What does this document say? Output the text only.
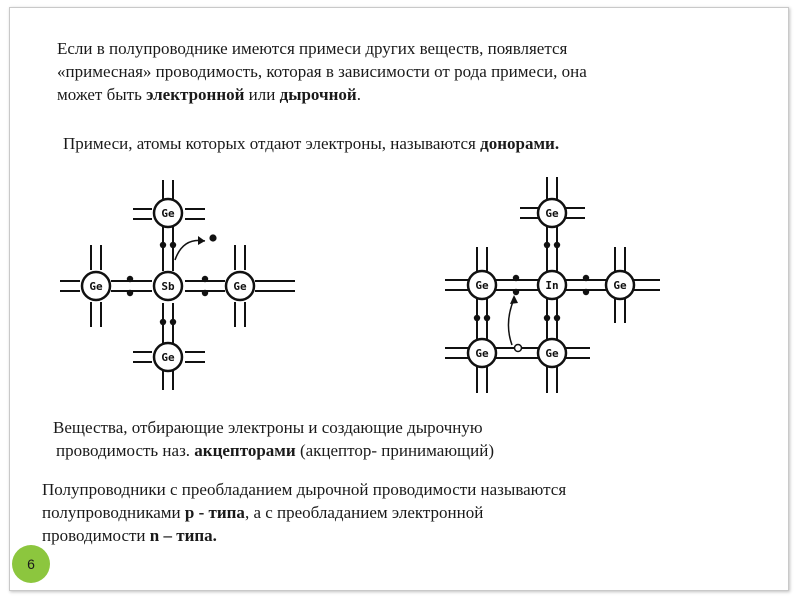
Если в полупроводнике имеются примеси других веществ, появляется
«примесная» проводимость, которая в зависимости от рода примеси, она
может быть электронной или дырочной.
Примеси, атомы которых отдают электроны, называются донорами.
Ge
Sb
Ge
Ge	Ge
Ge
In
Ge	Ge
Ge	Ge
Вещества, отбирающие электроны и создающие дырочную
проводимость наз. акцепторами (акцептор- принимающий)
Полупроводники с преобладанием дырочной проводимости называются
полупроводниками р - типа, а с преобладанием электронной
проводимости n – типа.
6
